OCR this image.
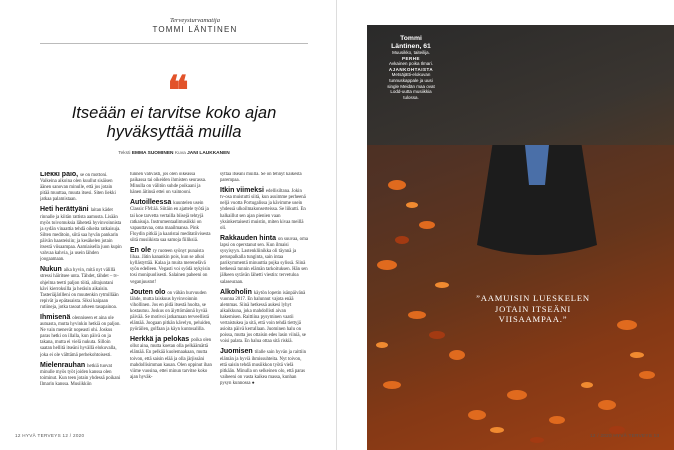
Terveysturvamatija
TOMMI LÄNTINEN
❝
Itseään ei tarvitse koko ajan hyväksyttää muilla
Teksti EMMA SUOMINEN Kuva JANI LAUKKANEN

Liekki palo, se on mottoni. Vaikeina aikoina olen kuullut sisäisen äänen sanovan minulle, että jos jotain pitää muuttaa, muuta itsesi. Siten liekki jatkaa palamistaan.

Heti herättyäni laitan kädet rinnalle ja kiitän rattista aamusta. Lisään myös toivomuksia lähetetä hyvinvoinnista ja sydän vinaattia tehdä oikeita ratkaisuja. Silten meditoin, siitä saa hyvän pankarin päivän haasteisiin; ja kesäkelen jotain itsestä viisaampaa. Aamiaisella juon kupin vahvaa kahvia, ja usein lähden joogaamaan.

Nukun aika hyvin, mitä nyt välillä stressi häiritsee unta. Tähdet, tähdet – tv-ohjelma teetti paljon töitä, alitajuntani kävi kierroksilla ja heräsin aikaisin. Tasteriäjärilleni on muutenkin rytmillään repivät ja epätasaista. Siksi kaipaan rutiineja, jotka tasoat arkeen tasapainoa.

Ihmisenä olenniseen et aina ole autuasta, mutta hyvinkin hetkiä on paljon. Ne vain menevät nopeasti ohi. Joskus paras hetki on illalla, kun päivä on ja takana, mutta ei vielä nukuta. Silloin saatan hellitä itseäni hyvällä elokuvalla, joka ei ole välttämä perhekohtoisesti.

Mielenrauhan hetkiä tuovat minulle myös työt joiden kanssa olen toiminut. Kun teen jotain yhdessä poikani Ilmarin kanssa. Musiikkiin

tunnen vahvasti, jos olen oikeassa paikassa tai oikeiden ihmisten seurassa. Minulla on välitön suhde poikaani ja hänen äitinsä ettei on vaimooni.

Autoilleessa kuuntelen usein Classic FM:ää. Siitäin en ajattele työtä ja tai koe tarvetta vertailla biisejä tehtyjä ratkaisuja. Instrumentaalimusiikki on vapauttavaa, oma maailmansa. Pink Floydin pitkiä ja kaaristai meditatiivisesta siitä musiikista saa samoja fiiliksiä.

En ole ry ruoteen syönyt punaista lihaa. Jätin kanankin pois, kun se alkoi kyllästyttää. Kalaa ja muita merenelävä syön edelleen. Vegasti voi syödä nykyisin tosi monipuolisesti. Salainen paheeni on veganjuustot!

Jouten olo on vähän hurvuuden lähde, mutta laiskuus hyvinvoinnin vihollinen. Jos en pidä itsestä huolta, se kostautuu. Joskus on äiyttömännä hyvää päivää. Se motivoi jatkamaan terveellistä elämää. Joogaan pitkän kävelyn, peluiden, pyöräilen, golfaan ja käyn kuntosalilla.

Herkkä ja pelokas poika olen ollut aina, mutta koetan olla pelkäämättä elämää. En pelkää kuolemaakaan, mutta toivon, että saisin elää ja olla järjissäni mahdollisimman kauan. Olen oppinut ihan viime vuosina, ettei minun tarvitse koko ajan hyväk-

syttää itseäni muilla. Se on tehnyt kaikesta parempaa.

Itkin viimeksi edellisiltana. Jokin tv-osa muistutti siitä, kun asuimme perheenä neljä vuotta Portugalissa ja kävimme usein yhdessä ulkoilmakonserteissa. Se liikutti. En halkaillut sen ajan pienien vaan yksinkertaisesti muistin, miten kivaa meillä oli.

Rakkauden hinta on suuvaa, oma lapsi on operstanut sen. Kun ilmaisi sysyisyyn. Lastenkliinikka oli täynnä ja peruspalkalla tunginta, sain intaa parikymmentä minuuttia pojka sylissä. Siinä hetkessä tunnin elämän tarkoituksen. Hän sen jälkeen sytävän lähetti viestin: tervetuloa salaseuraan.

Alkoholin käytön lopetin isänpäivänä vuonna 2017. En halunnut vajota enää alemmas. Siinä hetkessä aukesi lyhyt aikaikkuna, joka mahdollisti aivan hakemisen. Raittiina pysyminen vaatii vertaistukea ja sitä, että voin tehdä tiettyjä asioita päivä kerrallaan. Juominen halu on poissa, mutta jos ottaisin edes lasin viiniä, se voisi palata. En halua ottaa sitä riskiä.

Juomisen tilalle sain hyvän ja raittiin elämän ja hyviä ihmissuhteita. Nyt toivon, että saisin tehdä musiikkon työtä vielä pitkään. Minulla on selkeinen olo, että paras vaiheeni on vasta kaikea massa, kunhan pysyn kunnossa ●

12 HYVÄ TERVEYS 12 / 2020
Tommi Läntinen, 61
Muusikko, taiteilija.
PERHE
Avkainen poika Ilmari.
AJANKOHTAISTA
Metsäjätti-elokuvan tunnuskappale ja uusi single Meidän maa ovat Lodd-uutta musiikkia tulossa.
”AAMUISIN LUESKELEN JOTAIN ITSEÄNI VIISAAMPAA.”
12 / 2020 HYVÄ TERVEYS 13
